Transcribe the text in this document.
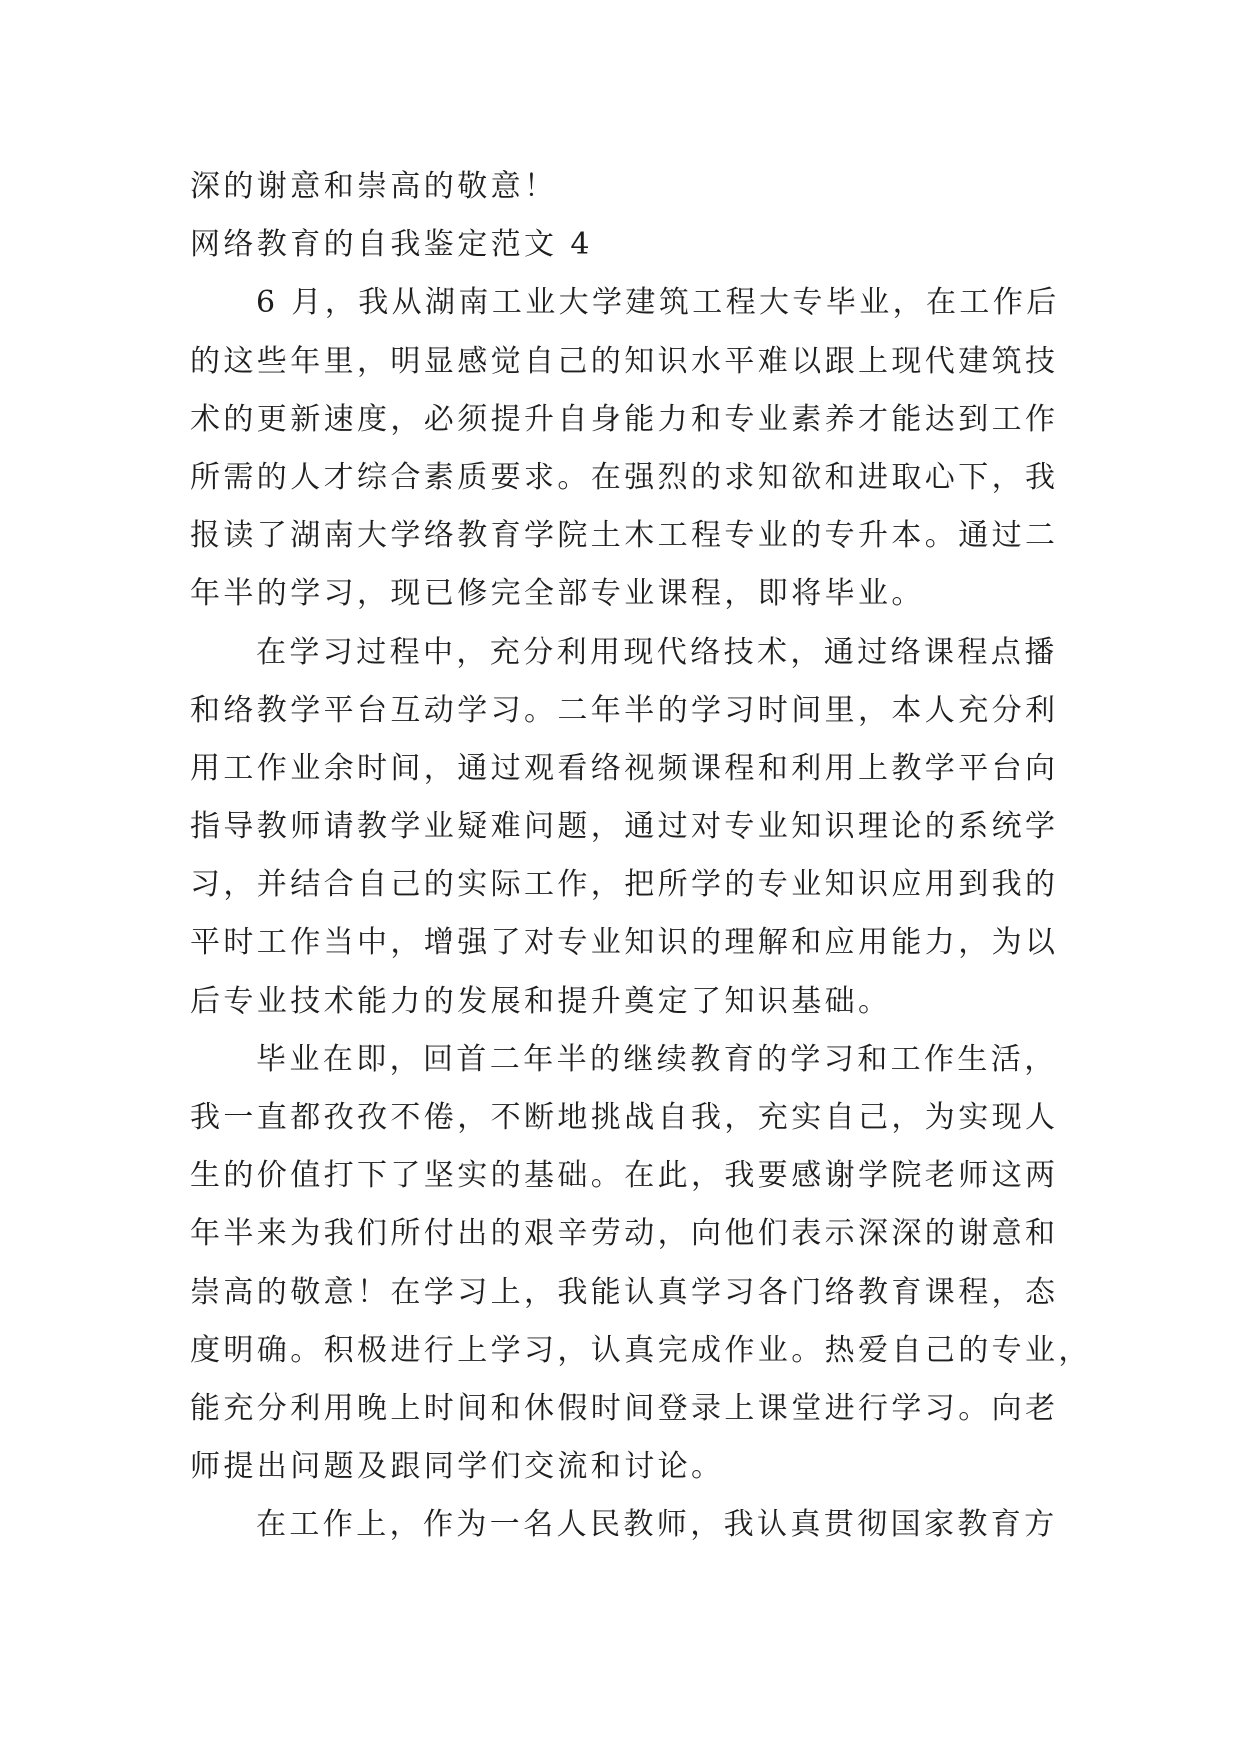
深的谢意和崇高的敬意！
网络教育的自我鉴定范文 4
6 月，我从湖南工业大学建筑工程大专毕业，在工作后
的这些年里，明显感觉自己的知识水平难以跟上现代建筑技
术的更新速度，必须提升自身能力和专业素养才能达到工作
所需的人才综合素质要求。在强烈的求知欲和进取心下，我
报读了湖南大学络教育学院土木工程专业的专升本。通过二
年半的学习，现已修完全部专业课程，即将毕业。
在学习过程中，充分利用现代络技术，通过络课程点播
和络教学平台互动学习。二年半的学习时间里，本人充分利
用工作业余时间，通过观看络视频课程和利用上教学平台向
指导教师请教学业疑难问题，通过对专业知识理论的系统学
习，并结合自己的实际工作，把所学的专业知识应用到我的
平时工作当中，增强了对专业知识的理解和应用能力，为以
后专业技术能力的发展和提升奠定了知识基础。
毕业在即，回首二年半的继续教育的学习和工作生活，
我一直都孜孜不倦，不断地挑战自我，充实自己，为实现人
生的价值打下了坚实的基础。在此，我要感谢学院老师这两
年半来为我们所付出的艰辛劳动，向他们表示深深的谢意和
崇高的敬意！在学习上，我能认真学习各门络教育课程，态
度明确。积极进行上学习，认真完成作业。热爱自己的专业，
能充分利用晚上时间和休假时间登录上课堂进行学习。向老
师提出问题及跟同学们交流和讨论。
在工作上，作为一名人民教师，我认真贯彻国家教育方
